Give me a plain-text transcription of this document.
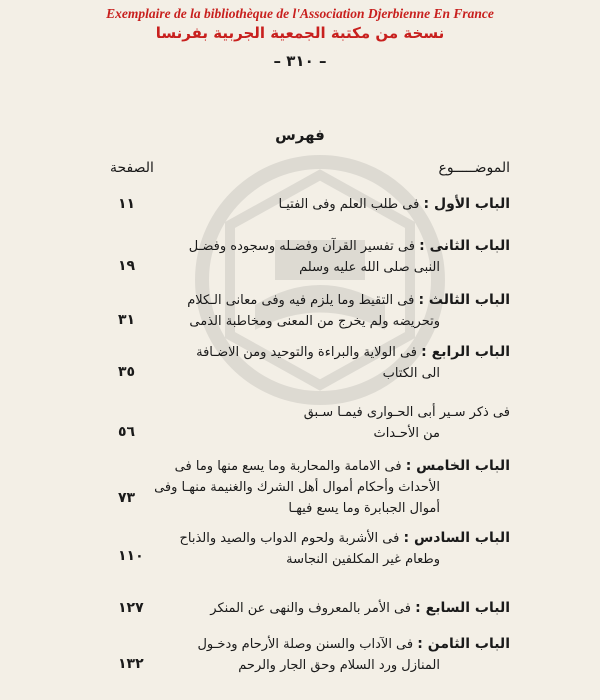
Exemplaire de la bibliothèque de l'Association Djerbienne En France
نسخة من مكتبة الجمعية الجربية بفرنسا
– ٣١٠ –
فهرس
الموضـــــوع
الصفحة
١١	الباب الأول : فى طلب العلم وفى الفتيـا
١٩
الباب الثانى : فى تفسير القرآن وفضـله وسجوده وفضـل
النبى صلى الله عليه وسلم
٣١
الباب الثالث : فى التقيط وما يلزم فيه وفى معانى الـكلام
وتحريضه ولم يخرج من المعنى ومخاطبة الذمى
٣٥
الباب الرابع : فى الولاية والبراءة والتوحيد ومن الاضـافة
الى الكتاب
٥٦
فى ذكر سـير أبى الحـوارى فيمـا سـبق
من الأحـداث
٧٣
الباب الخامس : فى الامامة والمحاربة وما يسع منها وما فى
الأحداث وأحكام أموال أهل الشرك والغنيمة منهـا وفى أموال الجبابرة وما يسع فيهـا
١١٠
الباب السادس : فى الأشربة ولحوم الدواب والصيد والذباح
وطعام غير المكلفين النجاسة
١٢٧	الباب السابع : فى الأمر بالمعروف والنهى عن المنكر
١٣٢
الباب الثامن : فى الآداب والسنن وصلة الأرحام ودخـول
المنازل ورد السلام وحق الجار والرحم
